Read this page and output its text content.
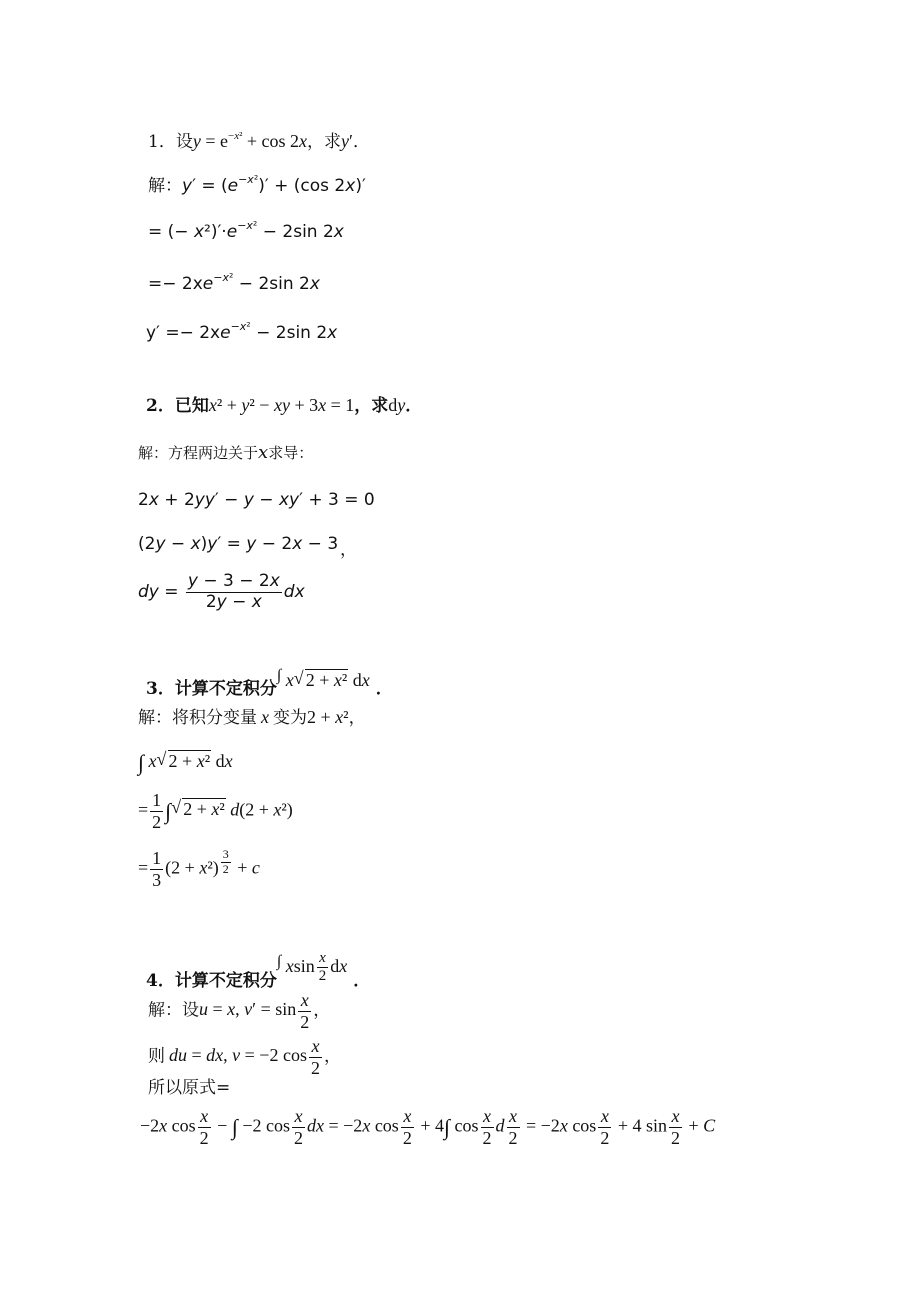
1．设$y = e^{-x^2} + \cos 2x$，求y′．
解：$y' = (e^{-x^2})' + (\cos$ 2x)′
= (− $x^2)'\cdot e^{-x^2} - 2\sin$ 2x
=− $2xe^{-x^2} - 2\sin$ 2x
$y' =- 2xe^{-x^2} - 2\sin$ 2x
2．已知x² + y² − xy + 3x = 1，求dy．
解：方程两边关于x求导：
2x + 2yy′ − y − xy′ + 3 = 0
(2y − x)y′ = y − 2x − 3 ，
dy = $\frac{y - 3 - 2x}{2y - x}$ dx
3．计算不定积分∫ x √ 2 + x² dx ．
解：将积分变量 x 变为2 + x²，
∫ x √ 2 + x² dx
= $\frac{1}{2}$ ∫ √ 2 + x² d(2 + x²)
= $\frac{1}{3} (2 + x^2) ^{\frac{3}{2}} + c$
4．计算不定积分∫ xsin $\frac{x}{2}$ dx．
解：设u = x, $v' = \sin \frac{x}{2}$ ，
则 du = dx, v = −2 $\cos \frac{x}{2}$ ，
所以原式=
−2x $\cos \frac{x}{2}$ − ∫ −2 $\cos \frac{x}{2}$ dx = −2x $\cos \frac{x}{2} + 4\int$ $\cos \frac{x}{2}$ d $\frac{x}{2} = -2x$ $\cos \frac{x}{2} + 4$ $\sin \frac{x}{2} + C$
